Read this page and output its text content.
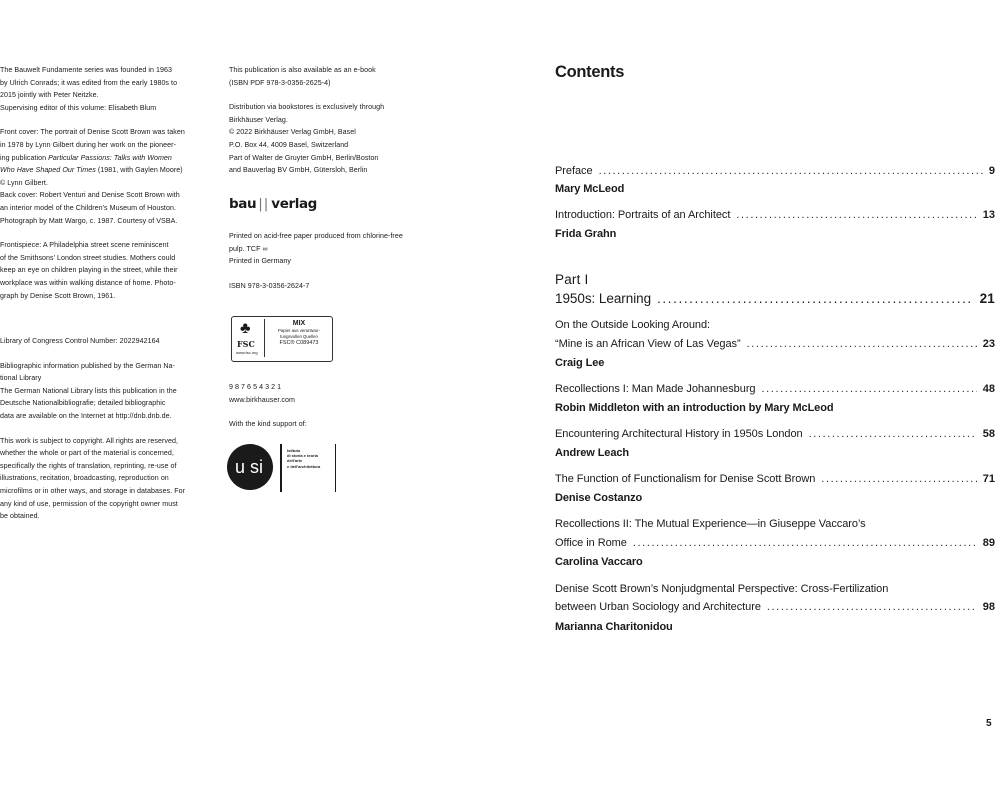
The Bauwelt Fundamente series was founded in 1963

by Ulrich Conrads; it was edited from the early 1980s to

2015 jointly with Peter Neitzke.

Supervising editor of this volume: Elisabeth Blum

Front cover: The portrait of Denise Scott Brown was taken

in 1978 by Lynn Gilbert during her work on the pioneer-

ing publication Particular Passions: Talks with Women

Who Have Shaped Our Times (1981, with Gaylen Moore)

© Lynn Gilbert.

Back cover: Robert Venturi and Denise Scott Brown with

an interior model of the Children's Museum of Houston.

Photograph by Matt Wargo, c. 1987. Courtesy of VSBA.

Frontispiece: A Philadelphia street scene reminiscent

of the Smithsons' London street studies. Mothers could

keep an eye on children playing in the street, while their

workplace was within walking distance of home. Photo-

graph by Denise Scott Brown, 1961.

Library of Congress Control Number: 2022942164

Bibliographic information published by the German Na-

tional Library

The German National Library lists this publication in the

Deutsche Nationalbibliografie; detailed bibliographic

data are available on the Internet at http://dnb.dnb.de.

This work is subject to copyright. All rights are reserved,

whether the whole or part of the material is concerned,

specifically the rights of translation, reprinting, re-use of

illustrations, recitation, broadcasting, reproduction on

microfilms or in other ways, and storage in databases. For

any kind of use, permission of the copyright owner must

be obtained.

This publication is also available as an e-book

(ISBN PDF 978-3-0356-2625-4)

Distribution via bookstores is exclusively through

Birkhäuser Verlag.

© 2022 Birkhäuser Verlag GmbH, Basel

P.O. Box 44, 4009 Basel, Switzerland

Part of Walter de Gruyter GmbH, Berlin/Boston

and Bauverlag BV GmbH, Gütersloh, Berlin

bau || verlag

Printed on acid-free paper produced from chlorine-free

pulp. TCF ∞

Printed in Germany

ISBN 978-3-0356-2624-7

♣
FSC
www.fsc.org
MIX
Papier aus verantwor-
tungsvollen Quellen
FSC® C089473

9 8 7 6 5 4 3 2 1

www.birkhauser.com

With the kind support of:

u si
Istituto
di storia e teoria
dell'arte
e dell'architettura
Contents
Preface .....	9
Mary McLeod
Introduction: Portraits of an Architect .....	13
Frida Grahn
Part I
1950s: Learning .....	21
On the Outside Looking Around:
“Mine is an African View of Las Vegas” .....	23
Craig Lee
Recollections I: Man Made Johannesburg .....	48
Robin Middleton with an introduction by Mary McLeod
Encountering Architectural History in 1950s London .....	58
Andrew Leach
The Function of Functionalism for Denise Scott Brown .....	71
Denise Costanzo
Recollections II: The Mutual Experience—in Giuseppe Vaccaro’s
Office in Rome .....	89
Carolina Vaccaro
Denise Scott Brown’s Nonjudgmental Perspective: Cross-Fertilization
between Urban Sociology and Architecture .....	98
Marianna Charitonidou
5
